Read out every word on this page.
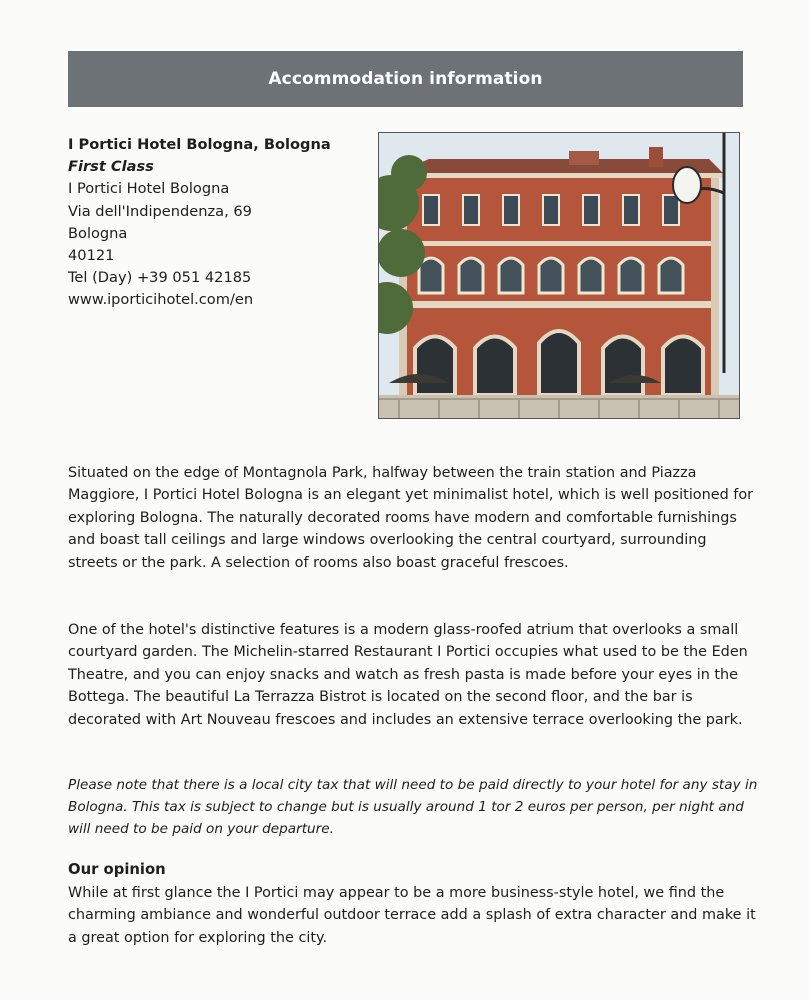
Accommodation information
I Portici Hotel Bologna, Bologna
First Class
I Portici Hotel Bologna
Via dell'Indipendenza, 69
Bologna
40121
Tel (Day) +39 051 42185
www.iporticihotel.com/en

Situated on the edge of Montagnola Park, halfway between the train station and Piazza Maggiore, I Portici Hotel Bologna is an elegant yet minimalist hotel, which is well positioned for exploring Bologna. The naturally decorated rooms have modern and comfortable furnishings and boast tall ceilings and large windows overlooking the central courtyard, surrounding streets or the park. A selection of rooms also boast graceful frescoes.

One of the hotel's distinctive features is a modern glass-roofed atrium that overlooks a small courtyard garden. The Michelin-starred Restaurant I Portici occupies what used to be the Eden Theatre, and you can enjoy snacks and watch as fresh pasta is made before your eyes in the Bottega. The beautiful La Terrazza Bistrot is located on the second floor, and the bar is decorated with Art Nouveau frescoes and includes an extensive terrace overlooking the park.

Please note that there is a local city tax that will need to be paid directly to your hotel for any stay in Bologna. This tax is subject to change but is usually around 1 tor 2 euros per person, per night and will need to be paid on your departure.

Our opinion

While at first glance the I Portici may appear to be a more business-style hotel, we find the charming ambiance and wonderful outdoor terrace add a splash of extra character and make it a great option for exploring the city.
